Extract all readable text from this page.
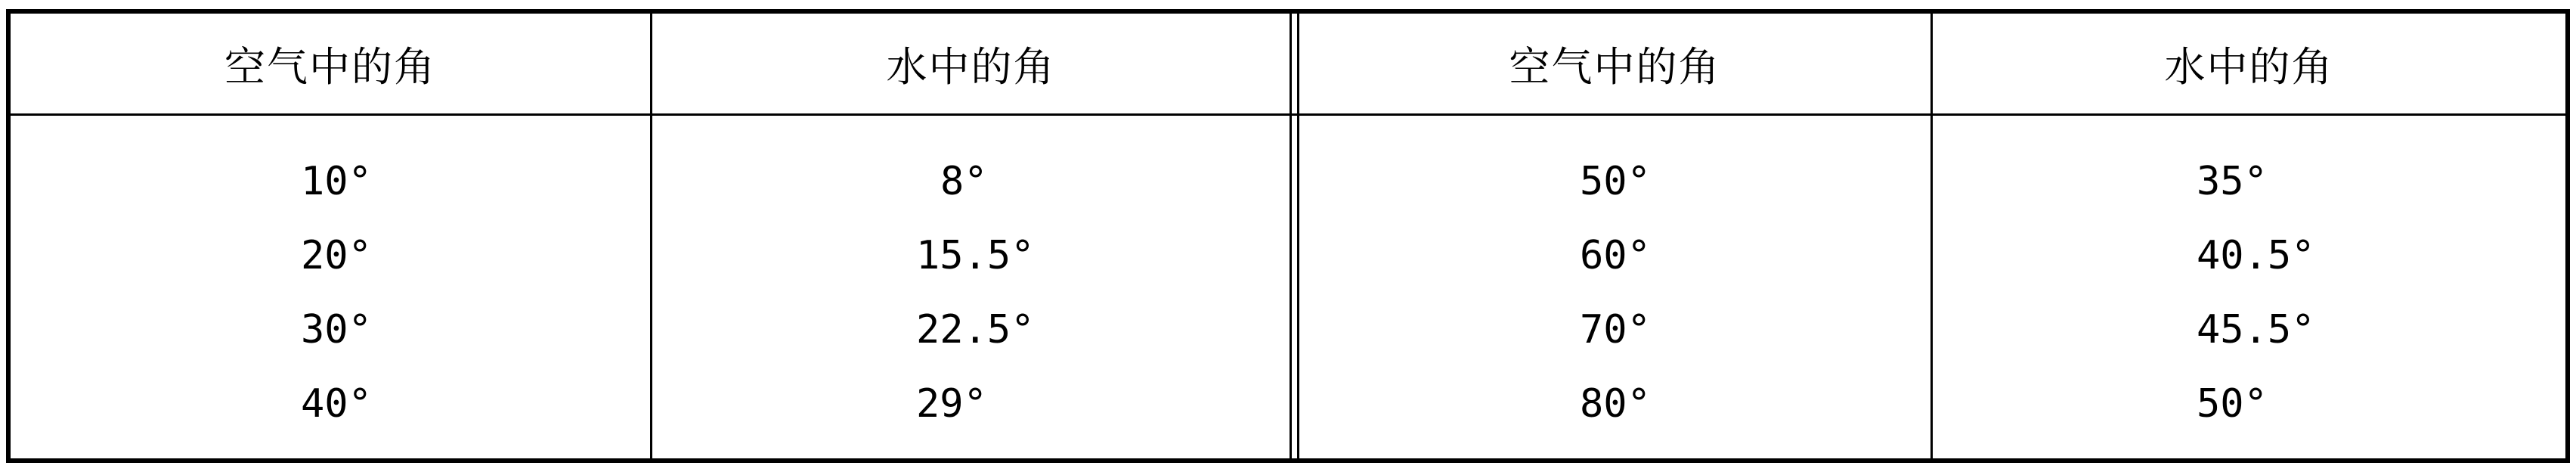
空气中的角
10°
20°
30°
40°
水中的角
8°
15.5°
22.5°
29°
空气中的角
50°
60°
70°
80°
水中的角
35°
40.5°
45.5°
50°
